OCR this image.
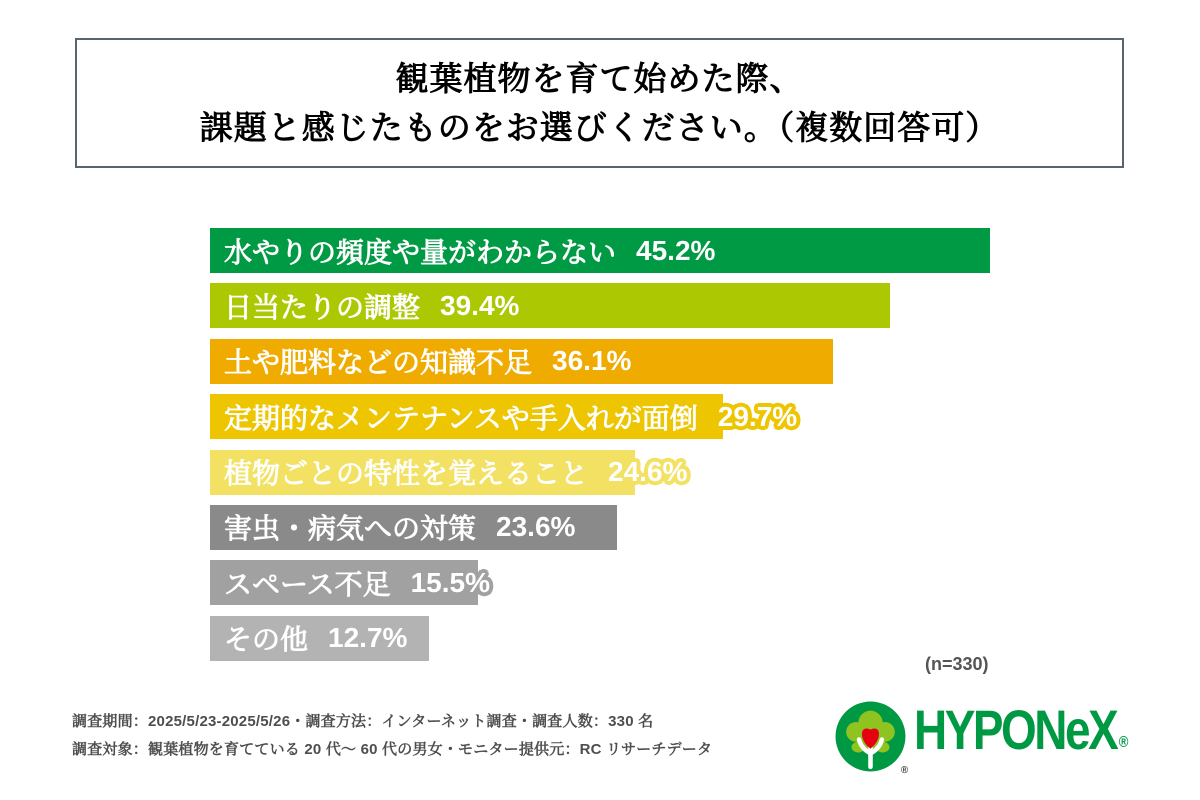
観葉植物を育て始めた際、
課題と感じたものをお選びください。（複数回答可）
水やりの頻度や量がわからない 45.2%
日当たりの調整 39.4%
土や肥料などの知識不足 36.1%
定期的なメンテナンスや手入れが面倒 29.7%
植物ごとの特性を覚えること 24.6%
害虫・病気への対策 23.6%
スペース不足 15.5%
その他 12.7%
(n=330)
調査期間：2025/5/23-2025/5/26・調査方法：インターネット調査・調査人数：330 名
調査対象：観葉植物を育てている 20 代〜 60 代の男女・モニター提供元：RC リサーチデータ
®
HYPONeX ®
